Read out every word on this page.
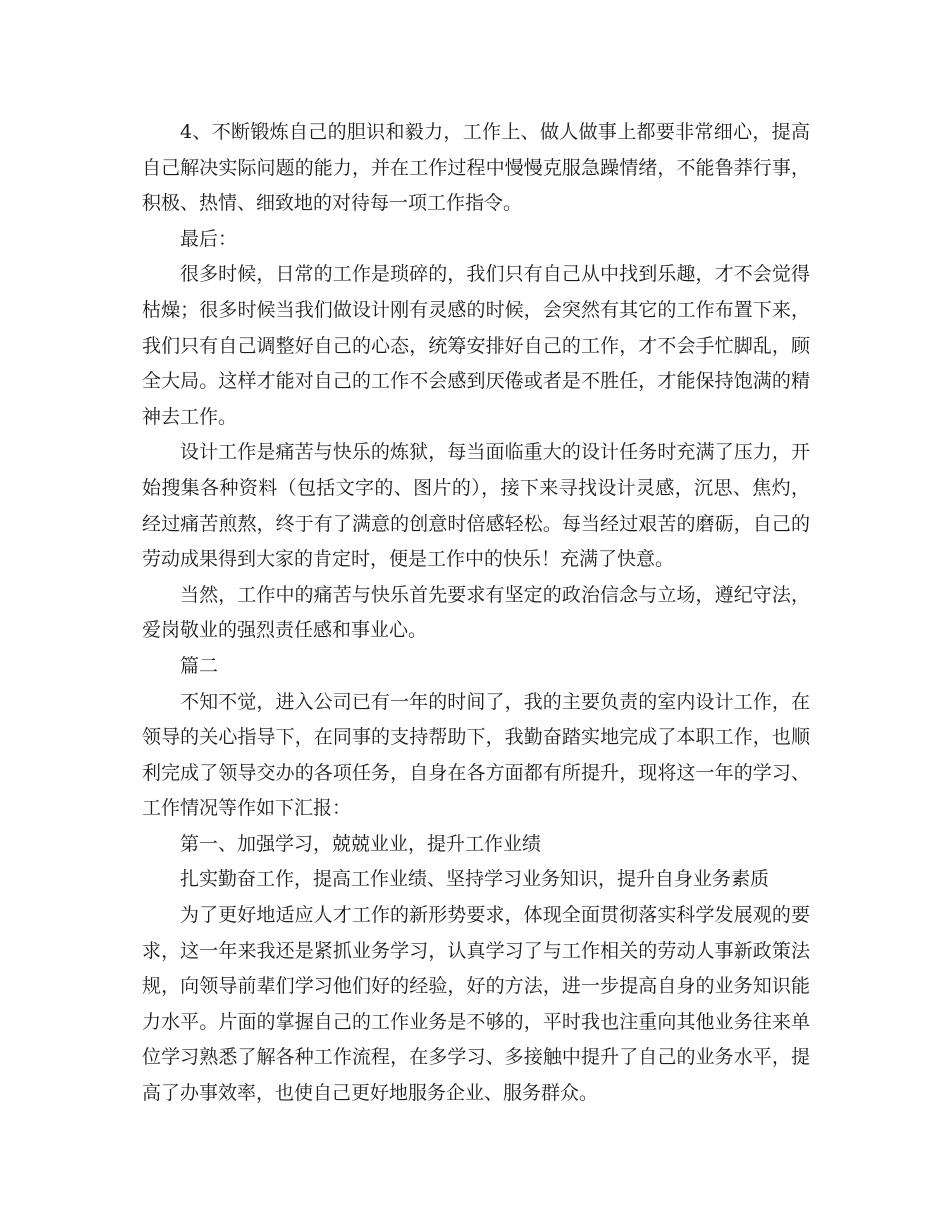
4、不断锻炼自己的胆识和毅力，工作上、做人做事上都要非常细心，提高自己解决实际问题的能力，并在工作过程中慢慢克服急躁情绪，不能鲁莽行事，积极、热情、细致地的对待每一项工作指令。

最后：

很多时候，日常的工作是琐碎的，我们只有自己从中找到乐趣，才不会觉得枯燥；很多时候当我们做设计刚有灵感的时候，会突然有其它的工作布置下来，我们只有自己调整好自己的心态，统筹安排好自己的工作，才不会手忙脚乱，顾全大局。这样才能对自己的工作不会感到厌倦或者是不胜任，才能保持饱满的精神去工作。

设计工作是痛苦与快乐的炼狱，每当面临重大的设计任务时充满了压力，开始搜集各种资料（包括文字的、图片的），接下来寻找设计灵感，沉思、焦灼，经过痛苦煎熬，终于有了满意的创意时倍感轻松。每当经过艰苦的磨砺，自己的劳动成果得到大家的肯定时，便是工作中的快乐！充满了快意。

当然，工作中的痛苦与快乐首先要求有坚定的政治信念与立场，遵纪守法，爱岗敬业的强烈责任感和事业心。

篇二

不知不觉，进入公司已有一年的时间了，我的主要负责的室内设计工作，在领导的关心指导下，在同事的支持帮助下，我勤奋踏实地完成了本职工作，也顺利完成了领导交办的各项任务，自身在各方面都有所提升，现将这一年的学习、工作情况等作如下汇报：

第一、加强学习，兢兢业业，提升工作业绩

扎实勤奋工作，提高工作业绩、坚持学习业务知识，提升自身业务素质

为了更好地适应人才工作的新形势要求，体现全面贯彻落实科学发展观的要求，这一年来我还是紧抓业务学习，认真学习了与工作相关的劳动人事新政策法规，向领导前辈们学习他们好的经验，好的方法，进一步提高自身的业务知识能力水平。片面的掌握自己的工作业务是不够的，平时我也注重向其他业务往来单位学习熟悉了解各种工作流程，在多学习、多接触中提升了自己的业务水平，提高了办事效率，也使自己更好地服务企业、服务群众。
